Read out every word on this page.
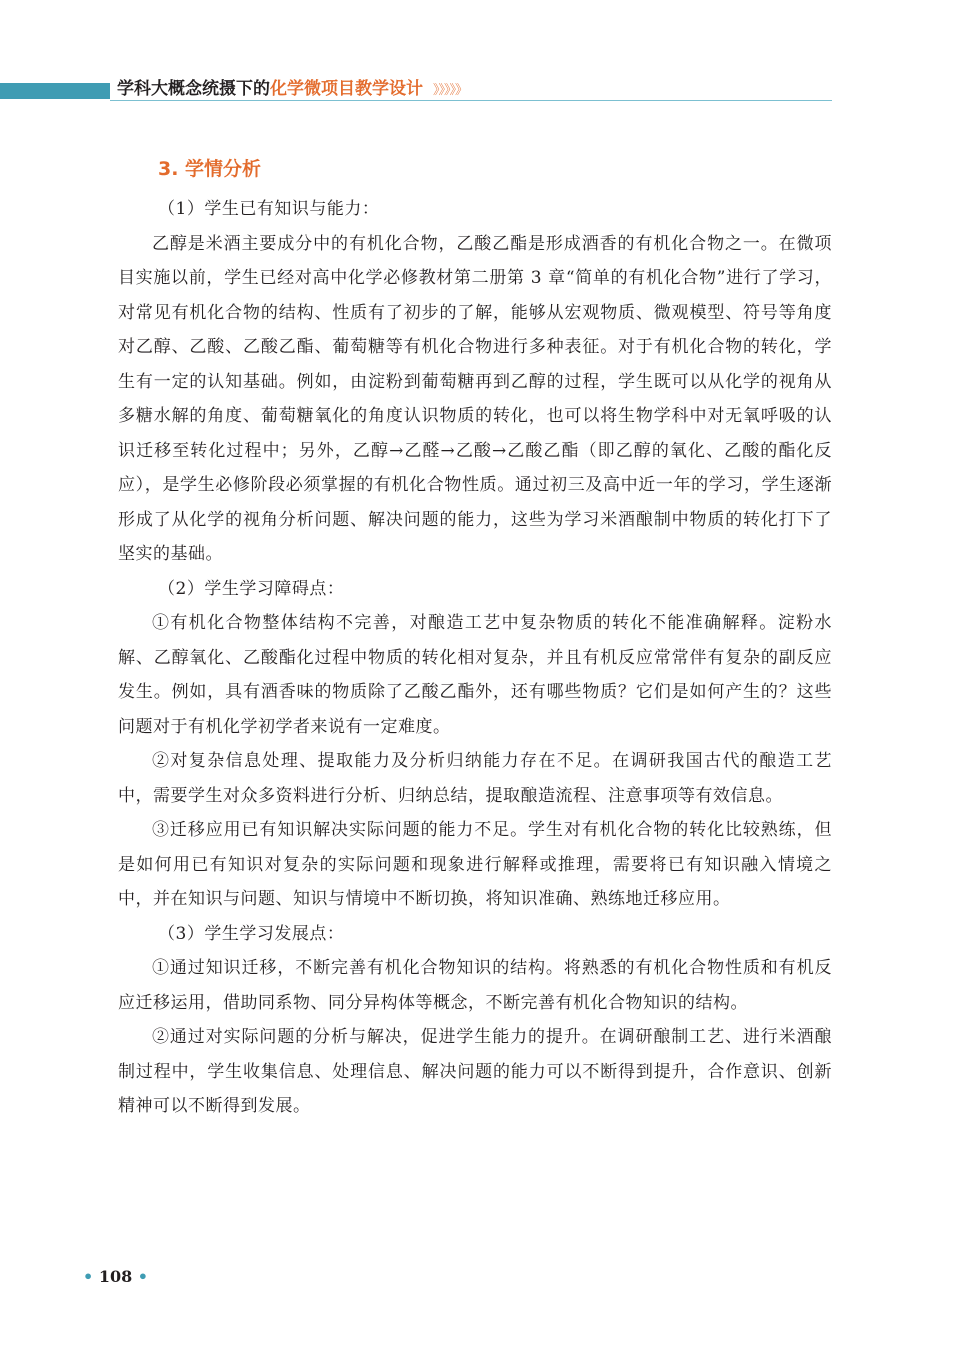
学科大概念统摄下的化学微项目教学设计 》》》》》
3. 学情分析

（1）学生已有知识与能力：

乙醇是米酒主要成分中的有机化合物，乙酸乙酯是形成酒香的有机化合物之一。在微项目实施以前，学生已经对高中化学必修教材第二册第 3 章“简单的有机化合物”进行了学习，对常见有机化合物的结构、性质有了初步的了解，能够从宏观物质、微观模型、符号等角度对乙醇、乙酸、乙酸乙酯、葡萄糖等有机化合物进行多种表征。对于有机化合物的转化，学生有一定的认知基础。例如，由淀粉到葡萄糖再到乙醇的过程，学生既可以从化学的视角从多糖水解的角度、葡萄糖氧化的角度认识物质的转化，也可以将生物学科中对无氧呼吸的认识迁移至转化过程中；另外，乙醇→乙醛→乙酸→乙酸乙酯（即乙醇的氧化、乙酸的酯化反应），是学生必修阶段必须掌握的有机化合物性质。通过初三及高中近一年的学习，学生逐渐形成了从化学的视角分析问题、解决问题的能力，这些为学习米酒酿制中物质的转化打下了坚实的基础。

（2）学生学习障碍点：

①有机化合物整体结构不完善，对酿造工艺中复杂物质的转化不能准确解释。淀粉水解、乙醇氧化、乙酸酯化过程中物质的转化相对复杂，并且有机反应常常伴有复杂的副反应发生。例如，具有酒香味的物质除了乙酸乙酯外，还有哪些物质？它们是如何产生的？这些问题对于有机化学初学者来说有一定难度。

②对复杂信息处理、提取能力及分析归纳能力存在不足。在调研我国古代的酿造工艺中，需要学生对众多资料进行分析、归纳总结，提取酿造流程、注意事项等有效信息。

③迁移应用已有知识解决实际问题的能力不足。学生对有机化合物的转化比较熟练，但是如何用已有知识对复杂的实际问题和现象进行解释或推理，需要将已有知识融入情境之中，并在知识与问题、知识与情境中不断切换，将知识准确、熟练地迁移应用。

（3）学生学习发展点：

①通过知识迁移，不断完善有机化合物知识的结构。将熟悉的有机化合物性质和有机反应迁移运用，借助同系物、同分异构体等概念，不断完善有机化合物知识的结构。

②通过对实际问题的分析与解决，促进学生能力的提升。在调研酿制工艺、进行米酒酿制过程中，学生收集信息、处理信息、解决问题的能力可以不断得到提升，合作意识、创新精神可以不断得到发展。

• 108 •
